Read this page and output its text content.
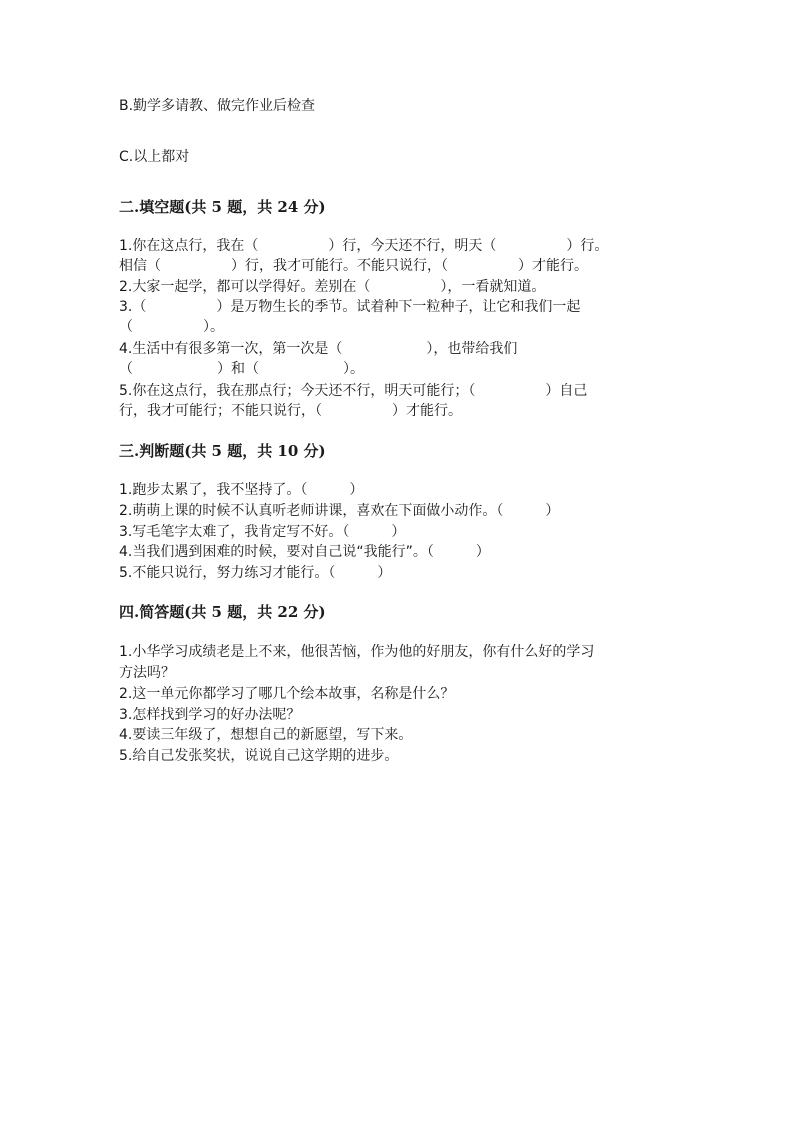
B.勤学多请教、做完作业后检查
C.以上都对
二.填空题(共 5 题，共 24 分)
1.你在这点行，我在（　　　　　）行，今天还不行，明天（　　　　　）行。
相信（　　　　　）行，我才可能行。不能只说行，（　　　　　）才能行。
2.大家一起学，都可以学得好。差别在（　　　　　），一看就知道。
3.（　　　　　）是万物生长的季节。试着种下一粒种子，让它和我们一起
（　　　　　）。
4.生活中有很多第一次，第一次是（　　　　　　），也带给我们
（　　　　　　）和（　　　　　　）。
5.你在这点行，我在那点行；今天还不行，明天可能行；（　　　　　）自己
行，我才可能行；不能只说行，（　　　　　）才能行。
三.判断题(共 5 题，共 10 分)
1.跑步太累了，我不坚持了。（　　　）
2.萌萌上课的时候不认真听老师讲课，喜欢在下面做小动作。（　　　）
3.写毛笔字太难了，我肯定写不好。（　　　）
4.当我们遇到困难的时候，要对自己说“我能行”。（　　　）
5.不能只说行，努力练习才能行。（　　　）
四.简答题(共 5 题，共 22 分)
1.小华学习成绩老是上不来，他很苦恼，作为他的好朋友，你有什么好的学习
方法吗？
2.这一单元你都学习了哪几个绘本故事，名称是什么？
3.怎样找到学习的好办法呢？
4.要读三年级了，想想自己的新愿望，写下来。
5.给自己发张奖状，说说自己这学期的进步。
